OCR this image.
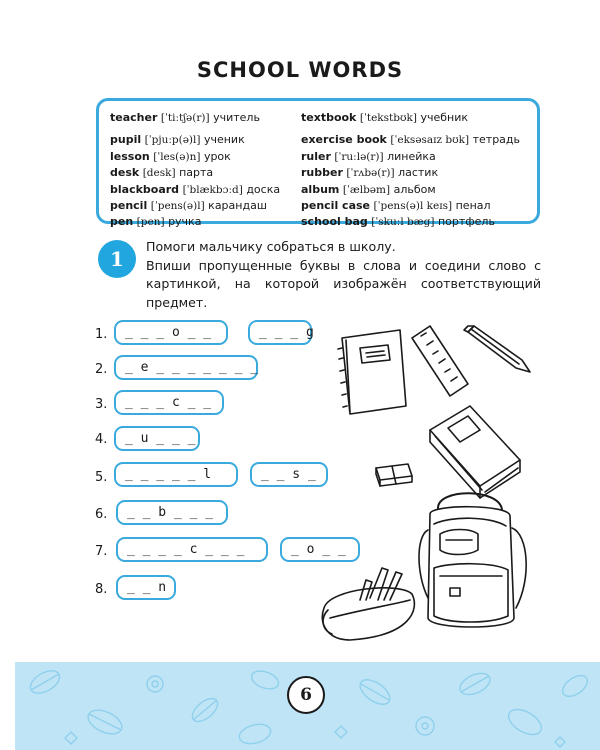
SCHOOL WORDS
teacher [ˈtiːtʃə(r)] учитель
pupil [ˈpjuːp(ə)l] ученик
lesson [ˈles(ə)n] урок
desk [desk] парта
blackboard [ˈblækbɔːd] доска
pencil [ˈpens(ə)l] карандаш
pen [pen] ручка
textbook [ˈtekstbʊk] учебник
exercise book [ˈeksəsaɪz bʊk] тетрадь
ruler [ˈruːlə(r)] линейка
rubber [ˈrʌbə(r)] ластик
album [ˈælbəm] альбом
pencil case [ˈpens(ə)l keɪs] пенал
school bag [ˈskuːl bæg] портфель
1
Помоги мальчику собраться в школу.
Впиши пропущенные буквы в слова и соедини слово с картинкой, на которой изображён соответствующий предмет.
1.	_ _ _ o _ _	_ _ _ g
2.	_ e _ _ _ _ _ _ _
3.	_ _ _ c _ _
4.	_ u _ _ _
5.	_ _ _ _ _ l	_ _ s _
6.	_ _ b _ _ _
7.	_ _ _ _ c _ _ _	_ o _ _
8.	_ _ n
6
